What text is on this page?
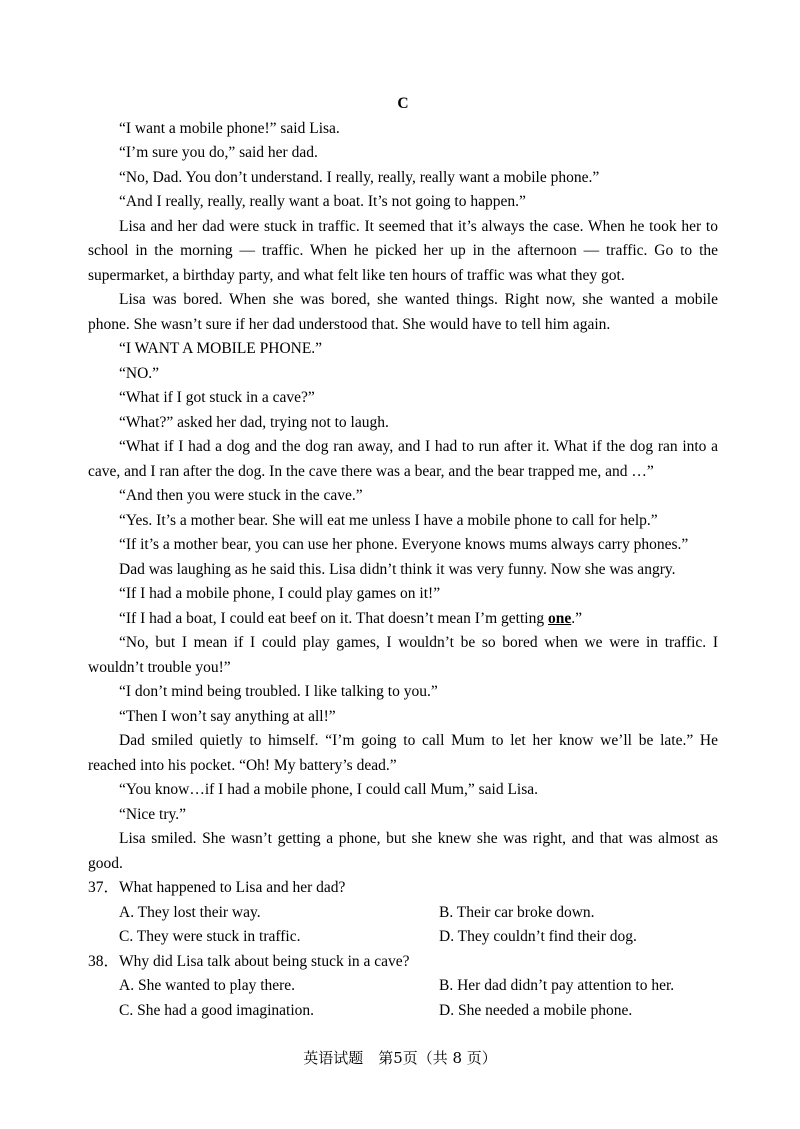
C
“I want a mobile phone!” said Lisa.
“I’m sure you do,” said her dad.
“No, Dad. You don’t understand. I really, really, really want a mobile phone.”
“And I really, really, really want a boat. It’s not going to happen.”
Lisa and her dad were stuck in traffic. It seemed that it’s always the case. When he took her to school in the morning — traffic. When he picked her up in the afternoon — traffic. Go to the supermarket, a birthday party, and what felt like ten hours of traffic was what they got.
Lisa was bored. When she was bored, she wanted things. Right now, she wanted a mobile phone. She wasn’t sure if her dad understood that. She would have to tell him again.
“I WANT A MOBILE PHONE.”
“NO.”
“What if I got stuck in a cave?”
“What?” asked her dad, trying not to laugh.
“What if I had a dog and the dog ran away, and I had to run after it. What if the dog ran into a cave, and I ran after the dog. In the cave there was a bear, and the bear trapped me, and …”
“And then you were stuck in the cave.”
“Yes. It’s a mother bear. She will eat me unless I have a mobile phone to call for help.”
“If it’s a mother bear, you can use her phone. Everyone knows mums always carry phones.”
Dad was laughing as he said this. Lisa didn’t think it was very funny. Now she was angry.
“If I had a mobile phone, I could play games on it!”
“If I had a boat, I could eat beef on it. That doesn’t mean I’m getting one.”
“No, but I mean if I could play games, I wouldn’t be so bored when we were in traffic. I wouldn’t trouble you!”
“I don’t mind being troubled. I like talking to you.”
“Then I won’t say anything at all!”
Dad smiled quietly to himself. “I’m going to call Mum to let her know we’ll be late.” He reached into his pocket. “Oh! My battery’s dead.”
“You know…if I had a mobile phone, I could call Mum,” said Lisa.
“Nice try.”
Lisa smiled. She wasn’t getting a phone, but she knew she was right, and that was almost as good.
37．What happened to Lisa and her dad?
A. They lost their way.	B. Their car broke down.
C. They were stuck in traffic.	D. They couldn’t find their dog.
38．Why did Lisa talk about being stuck in a cave?
A. She wanted to play there.	B. Her dad didn’t pay attention to her.
C. She had a good imagination.	D. She needed a mobile phone.
英语试题　第5页（共 8 页）
